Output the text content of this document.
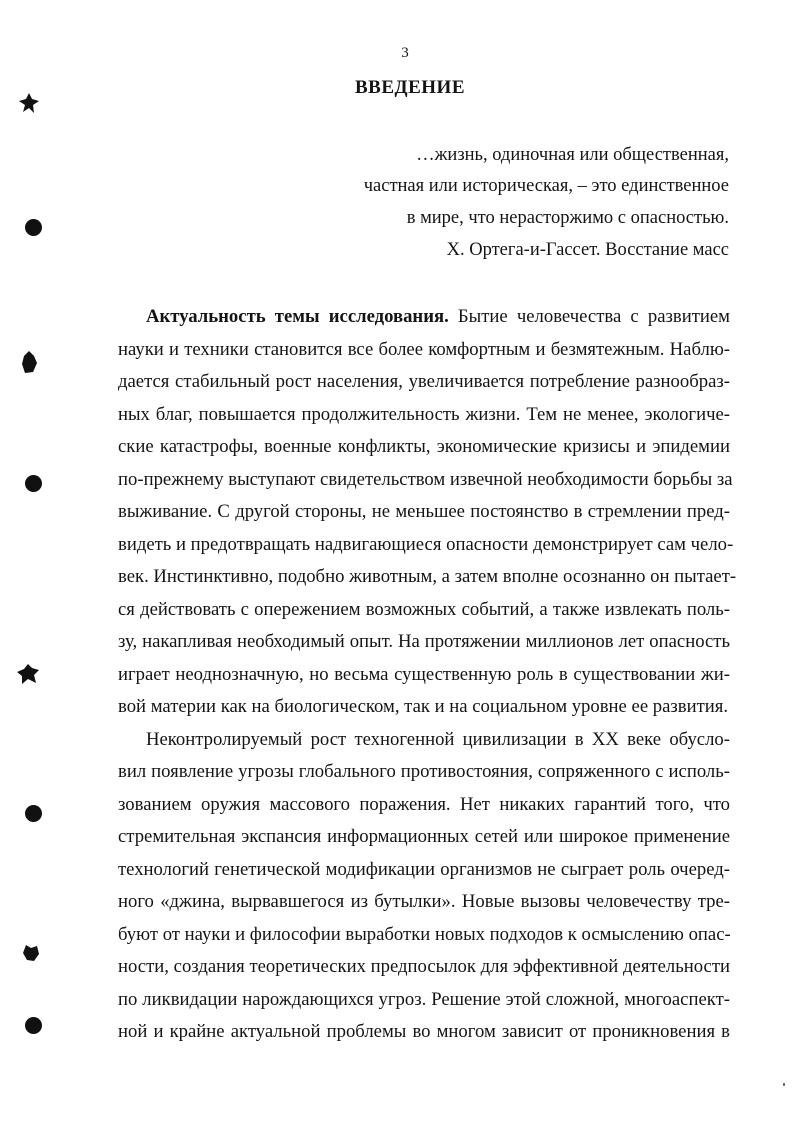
3
ВВЕДЕНИЕ
…жизнь, одиночная или общественная,
частная или историческая, – это единственное
в мире, что нерасторжимо с опасностью.
Х. Ортега-и-Гассет. Восстание масс
Актуальность темы исследования. Бытие человечества с развитием
науки и техники становится все более комфортным и безмятежным. Наблю-
дается стабильный рост населения, увеличивается потребление разнообраз-
ных благ, повышается продолжительность жизни. Тем не менее, экологиче-
ские катастрофы, военные конфликты, экономические кризисы и эпидемии
по-прежнему выступают свидетельством извечной необходимости борьбы за
выживание. С другой стороны, не меньшее постоянство в стремлении пред-
видеть и предотвращать надвигающиеся опасности демонстрирует сам чело-
век. Инстинктивно, подобно животным, а затем вполне осознанно он пытает-
ся действовать с опережением возможных событий, а также извлекать поль-
зу, накапливая необходимый опыт. На протяжении миллионов лет опасность
играет неоднозначную, но весьма существенную роль в существовании жи-
вой материи как на биологическом, так и на социальном уровне ее развития.
Неконтролируемый рост техногенной цивилизации в XX веке обусло-
вил появление угрозы глобального противостояния, сопряженного с исполь-
зованием оружия массового поражения. Нет никаких гарантий того, что
стремительная экспансия информационных сетей или широкое применение
технологий генетической модификации организмов не сыграет роль очеред-
ного «джина, вырвавшегося из бутылки». Новые вызовы человечеству тре-
буют от науки и философии выработки новых подходов к осмыслению опас-
ности, создания теоретических предпосылок для эффективной деятельности
по ликвидации нарождающихся угроз. Решение этой сложной, многоаспект-
ной и крайне актуальной проблемы во многом зависит от проникновения в
